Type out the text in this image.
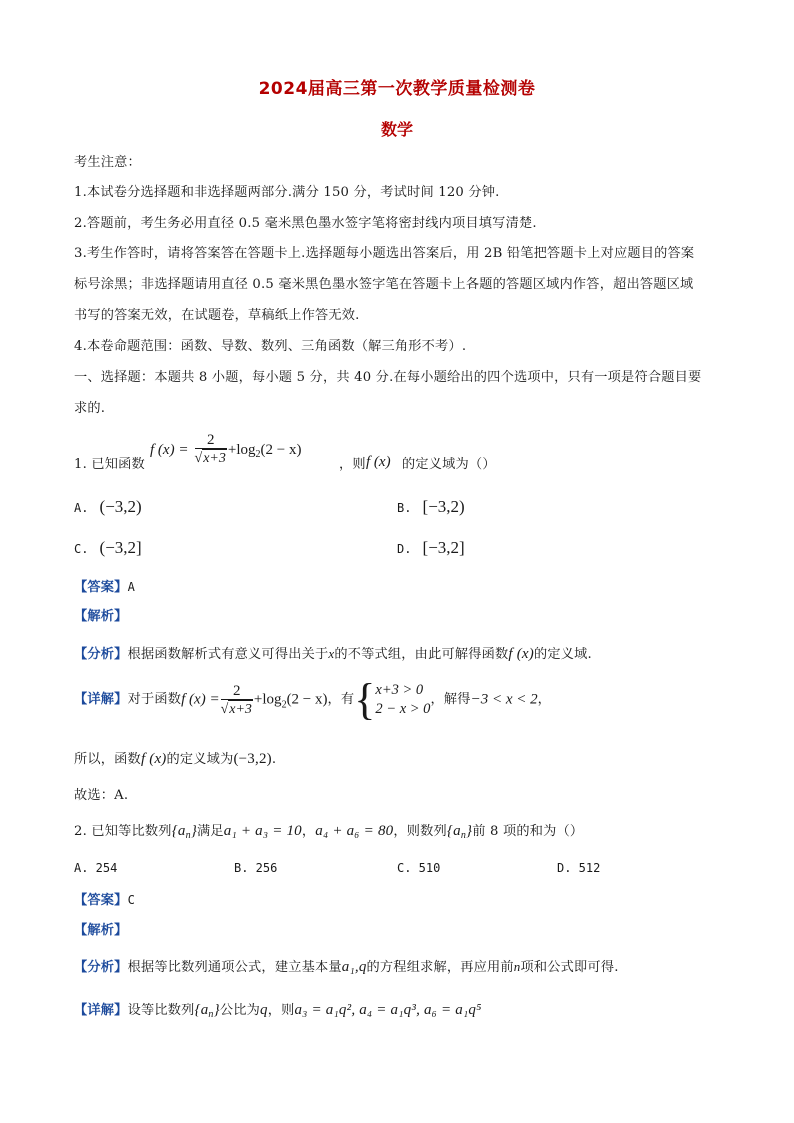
2024届高三第一次教学质量检测卷
数学
考生注意：
1.本试卷分选择题和非选择题两部分.满分 150 分，考试时间 120 分钟.
2.答题前，考生务必用直径 0.5 毫米黑色墨水签字笔将密封线内项目填写清楚.
3.考生作答时，请将答案答在答题卡上.选择题每小题选出答案后，用 2B 铅笔把答题卡上对应题目的答案
标号涂黑；非选择题请用直径 0.5 毫米黑色墨水签字笔在答题卡上各题的答题区域内作答，超出答题区域
书写的答案无效，在试题卷，草稿纸上作答无效.
4.本卷命题范围：函数、导数、数列、三角函数（解三角形不考）.
一、选择题：本题共 8 小题，每小题 5 分，共 40 分.在每小题给出的四个选项中，只有一项是符合题目要
求的.
f $(x) = \frac{2}{√x+3} +\log_2(2 - x)$
1. 已知函数	，则 f (x) 的定义域为（）
A. (−3,2)	B. [−3,2)
C. (−3,2]	D. [−3,2]
【答案】A
【解析】
【分析】根据函数解析式有意义可得出关于x的不等式组，由此可解得函数f (x)的定义域.
【详解】对于函数f $(x) = \frac{2}{√x+3} +\log_2(2 - x)$，有{ x+3 > 0
2 − x > 0
，解得−3 < x < 2，
所以，函数f (x)的定义域为(−3,2).
故选：A.
2. 已知等比数列$\{a_n\}$满足a₁ + a₃ = 10，a₄ + a₆ = 80，则数列$\{a_n\}$前 8 项的和为（）
A. 254	B. 256	C. 510	D. 512
【答案】C
【解析】
【分析】根据等比数列通项公式，建立基本量a₁,q的方程组求解，再应用前n项和公式即可得.
【详解】设等比数列$\{a_n\}$公比为q，则a₃ = a₁q², a₄ = a₁q³, a₆ = a₁q⁵
